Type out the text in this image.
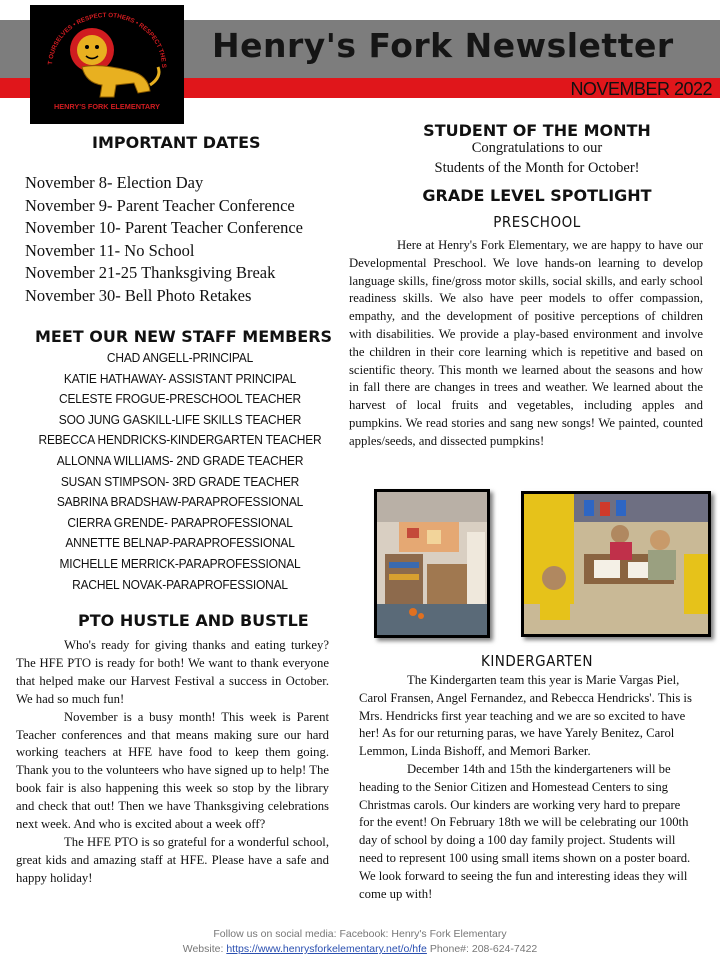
Henry's Fork Newsletter
NOVEMBER 2022
T OURSELVES • RESPECT OTHERS • RESPECT THE S
HENRY'S FORK ELEMENTARY
IMPORTANT DATES
November 8- Election Day
November 9- Parent Teacher Conference
November 10- Parent Teacher Conference
November 11- No School
November 21-25 Thanksgiving Break
November 30- Bell Photo Retakes
MEET OUR NEW STAFF MEMBERS
CHAD ANGELL-PRINCIPAL
KATIE HATHAWAY- ASSISTANT PRINCIPAL
CELESTE FROGUE-PRESCHOOL TEACHER
SOO JUNG GASKILL-LIFE SKILLS TEACHER
REBECCA HENDRICKS-KINDERGARTEN TEACHER
ALLONNA WILLIAMS- 2ND GRADE TEACHER
SUSAN STIMPSON- 3RD GRADE TEACHER
SABRINA BRADSHAW-PARAPROFESSIONAL
CIERRA GRENDE- PARAPROFESSIONAL
ANNETTE BELNAP-PARAPROFESSIONAL
MICHELLE MERRICK-PARAPROFESSIONAL
RACHEL NOVAK-PARAPROFESSIONAL
PTO HUSTLE AND BUSTLE

Who's ready for giving thanks and eating turkey? The HFE PTO is ready for both! We want to thank everyone that helped make our Harvest Festival a success in October. We had so much fun!

November is a busy month! This week is Parent Teacher conferences and that means making sure our hard working teachers at HFE have food to keep them going. Thank you to the volunteers who have signed up to help! The book fair is also happening this week so stop by the library and check that out! Then we have Thanksgiving celebrations next week. And who is excited about a week off?

The HFE PTO is so grateful for a wonderful school, great kids and amazing staff at HFE. Please have a safe and happy holiday!

STUDENT OF THE MONTH
Congratulations to our
Students of the Month for October!
GRADE LEVEL SPOTLIGHT
PRESCHOOL

Here at Henry's Fork Elementary, we are happy to have our Developmental Preschool. We love hands-on learning to develop language skills, fine/gross motor skills, social skills, and early school readiness skills. We also have peer models to offer compassion, empathy, and the development of positive perceptions of children with disabilities. We provide a play-based environment and involve the children in their core learning which is repetitive and based on scientific theory. This month we learned about the seasons and how in fall there are changes in trees and weather. We learned about the harvest of local fruits and vegetables, including apples and pumpkins. We read stories and sang new songs! We painted, counted apples/seeds, and dissected pumpkins!

KINDERGARTEN

The Kindergarten team this year is Marie Vargas Piel, Carol Fransen, Angel Fernandez, and Rebecca Hendricks'. This is Mrs. Hendricks first year teaching and we are so excited to have her! As for our returning paras, we have Yarely Benitez, Carol Lemmon, Linda Bishoff, and Memori Barker.

December 14th and 15th the kindergarteners will be heading to the Senior Citizen and Homestead Centers to sing Christmas carols. Our kinders are working very hard to prepare for the event! On February 18th we will be celebrating our 100th day of school by doing a 100 day family project. Students will need to represent 100 using small items shown on a poster board. We look forward to seeing the fun and interesting ideas they will come up with!

Follow us on social media: Facebook: Henry's Fork Elementary
Website: https://www.henrysforkelementary.net/o/hfe Phone#: 208-624-7422
